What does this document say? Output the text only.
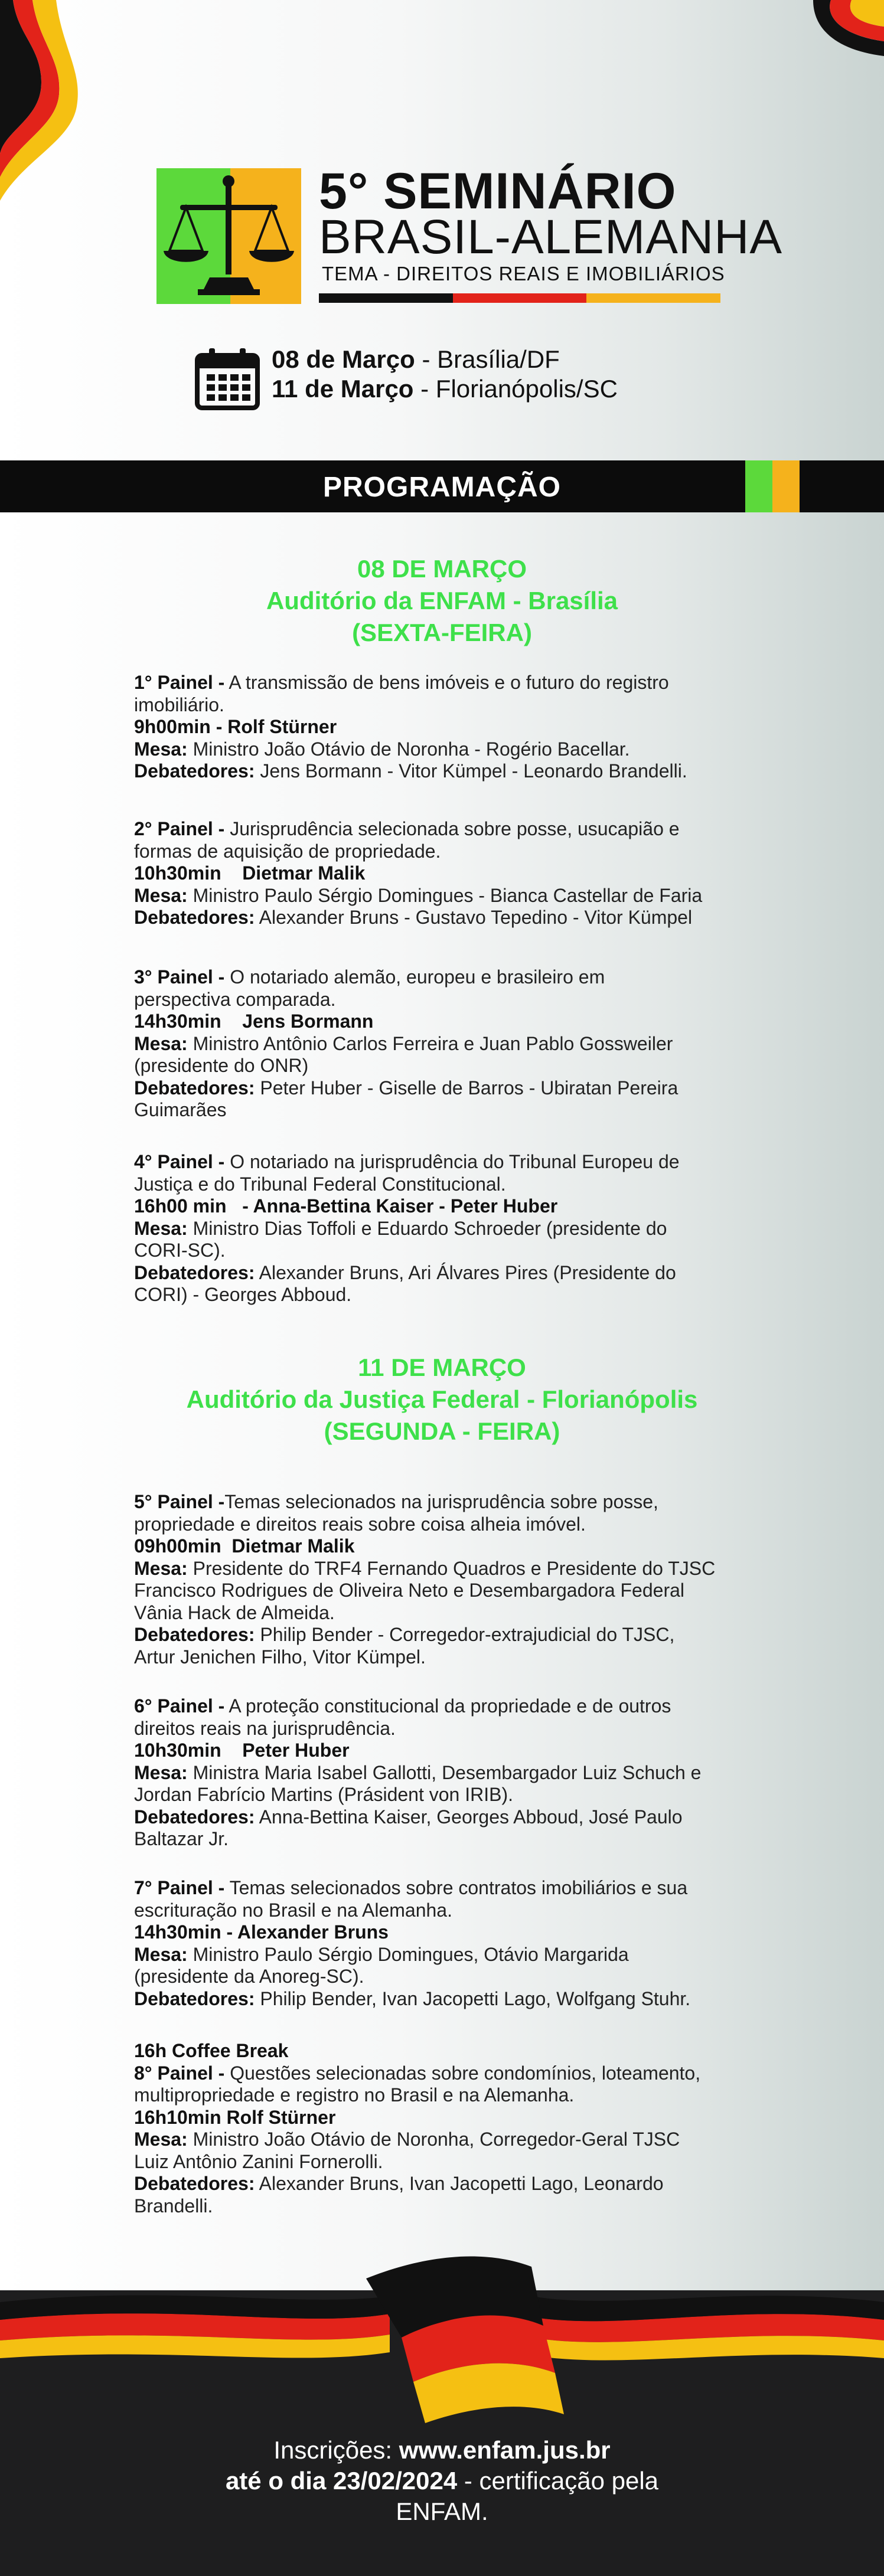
5° SEMINÁRIO
BRASIL-ALEMANHA
TEMA - DIREITOS REAIS E IMOBILIÁRIOS
08 de Março - Brasília/DF
11 de Março - Florianópolis/SC
PROGRAMAÇÃO
08 DE MARÇO
Auditório da ENFAM - Brasília
(SEXTA-FEIRA)
1° Painel - A transmissão de bens imóveis e o futuro do registro
imobiliário.
9h00min - Rolf Stürner
Mesa: Ministro João Otávio de Noronha - Rogério Bacellar.
Debatedores: Jens Bormann - Vitor Kümpel - Leonardo Brandelli.
2° Painel - Jurisprudência selecionada sobre posse, usucapião e
formas de aquisição de propriedade.
10h30min    Dietmar Malik
Mesa: Ministro Paulo Sérgio Domingues - Bianca Castellar de Faria
Debatedores: Alexander Bruns - Gustavo Tepedino - Vitor Kümpel
3° Painel - O notariado alemão, europeu e brasileiro em
perspectiva comparada.
14h30min    Jens Bormann
Mesa: Ministro Antônio Carlos Ferreira e Juan Pablo Gossweiler
(presidente do ONR)
Debatedores: Peter Huber - Giselle de Barros - Ubiratan Pereira
Guimarães
4° Painel - O notariado na jurisprudência do Tribunal Europeu de
Justiça e do Tribunal Federal Constitucional.
16h00 min   - Anna-Bettina Kaiser - Peter Huber
Mesa: Ministro Dias Toffoli e Eduardo Schroeder (presidente do
CORI-SC).
Debatedores: Alexander Bruns, Ari Álvares Pires (Presidente do
CORI) - Georges Abboud.
11 DE MARÇO
Auditório da Justiça Federal - Florianópolis
(SEGUNDA - FEIRA)
5° Painel -Temas selecionados na jurisprudência sobre posse,
propriedade e direitos reais sobre coisa alheia imóvel.
09h00min  Dietmar Malik
Mesa: Presidente do TRF4 Fernando Quadros e Presidente do TJSC
Francisco Rodrigues de Oliveira Neto e Desembargadora Federal
Vânia Hack de Almeida.
Debatedores: Philip Bender - Corregedor-extrajudicial do TJSC,
Artur Jenichen Filho, Vitor Kümpel.
6° Painel - A proteção constitucional da propriedade e de outros
direitos reais na jurisprudência.
10h30min    Peter Huber
Mesa: Ministra Maria Isabel Gallotti, Desembargador Luiz Schuch e
Jordan Fabrício Martins (Prásident von IRIB).
Debatedores: Anna-Bettina Kaiser, Georges Abboud, José Paulo
Baltazar Jr.
7° Painel - Temas selecionados sobre contratos imobiliários e sua
escrituração no Brasil e na Alemanha.
14h30min - Alexander Bruns
Mesa: Ministro Paulo Sérgio Domingues, Otávio Margarida
(presidente da Anoreg-SC).
Debatedores: Philip Bender, Ivan Jacopetti Lago, Wolfgang Stuhr.
16h Coffee Break
8° Painel - Questões selecionadas sobre condomínios, loteamento,
multipropriedade e registro no Brasil e na Alemanha.
16h10min Rolf Stürner
Mesa: Ministro João Otávio de Noronha, Corregedor-Geral TJSC
Luiz Antônio Zanini Fornerolli.
Debatedores: Alexander Bruns, Ivan Jacopetti Lago, Leonardo
Brandelli.
Inscrições: www.enfam.jus.br
até o dia 23/02/2024 - certificação pela
ENFAM.
